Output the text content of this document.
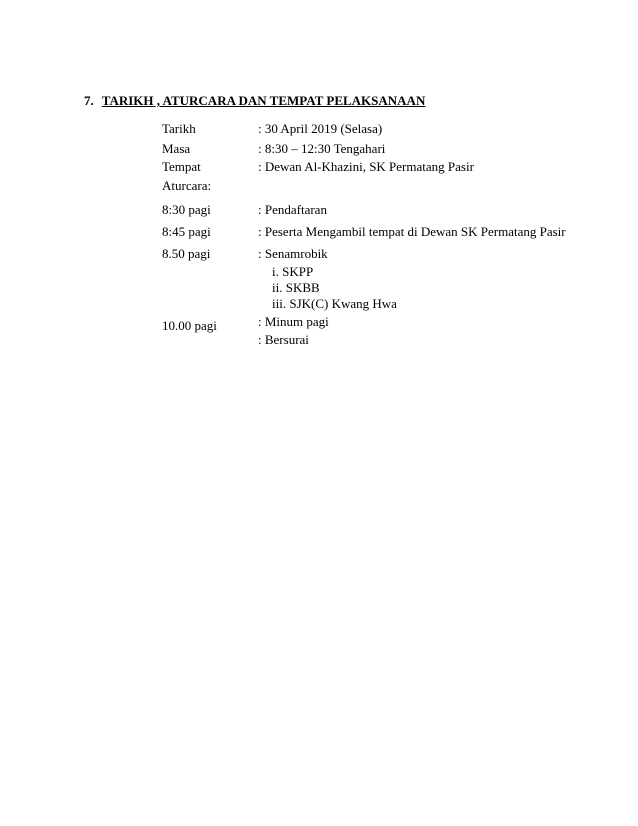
7. TARIKH , ATURCARA DAN TEMPAT PELAKSANAAN
Tarikh	: 30 April 2019 (Selasa)
Masa	: 8:30 – 12:30 Tengahari
Tempat	: Dewan Al-Khazini, SK Permatang Pasir
Aturcara:
8:30 pagi	: Pendaftaran
8:45 pagi	: Peserta Mengambil tempat di Dewan SK Permatang Pasir
8.50 pagi	: Senamrobik
i. SKPP
ii. SKBB
iii. SJK(C) Kwang Hwa
10.00 pagi	: Minum pagi
: Bersurai
